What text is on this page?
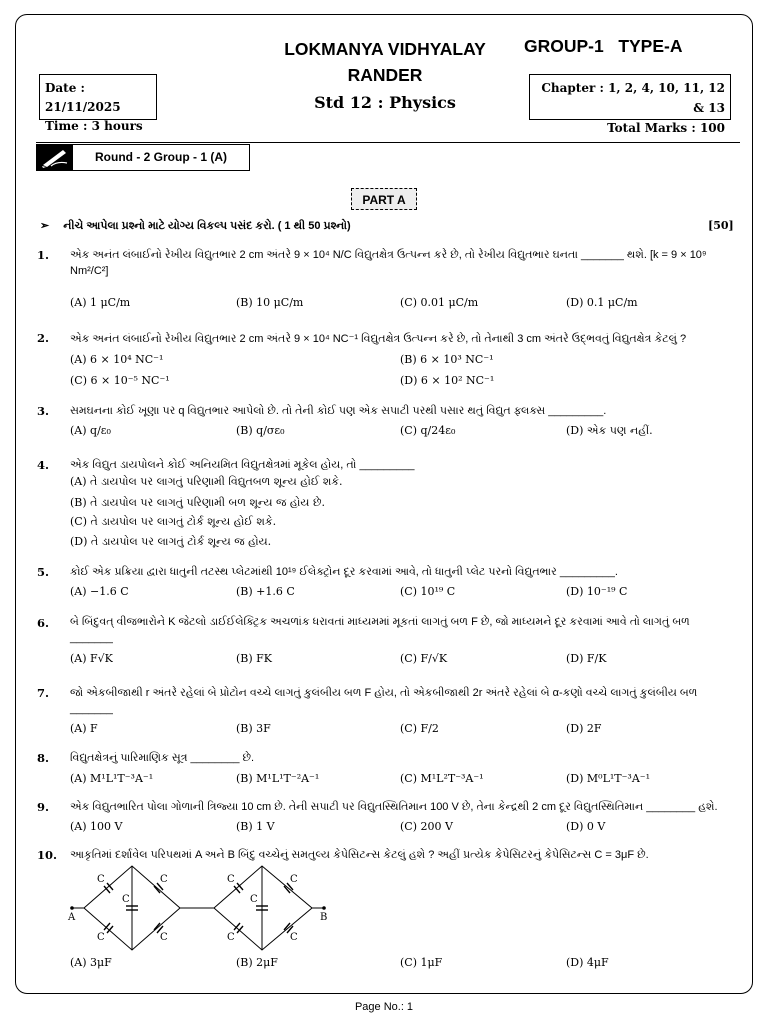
LOKMANYA VIDHYALAY
RANDER
GROUP-1   TYPE-A
Std 12 : Physics
Date : 21/11/2025
Time : 3 hours
Chapter : 1, 2, 4, 10, 11, 12 & 13
Total Marks : 100
Round - 2 Group - 1 (A)
PART A
➢ નીચે આપેલા પ્રશ્નો માટે યોગ્ય વિકલ્પ પસંદ કરો. ( 1 થી 50 પ્રશ્નો)	[50]
1. એક અનંત લંબાઈનો રેખીય વિદ્યુતભાર 2 cm અંતરે 9 × 10⁴ N/C વિદ્યુતક્ષેત્ર ઉત્પન્ન કરે છે, તો રેખીય વિદ્યુતભાર ઘનતા _______ થશે. [k = 9 × 10⁹ Nm²/C²]
(A) 1 μC/m	(B) 10 μC/m	(C) 0.01 μC/m	(D) 0.1 μC/m
2. એક અનંત લંબાઈનો રેખીય વિદ્યુતભાર 2 cm અંતરે 9 × 10⁴ NC⁻¹ વિદ્યુતક્ષેત્ર ઉત્પન્ન કરે છે, તો તેનાથી 3 cm અંતરે ઉદ્ભવતું વિદ્યુતક્ષેત્ર કેટલું ?
(A) 6 × 10⁴ NC⁻¹	(B) 6 × 10³ NC⁻¹
(C) 6 × 10⁻⁵ NC⁻¹	(D) 6 × 10² NC⁻¹
3. સમઘનના કોઈ ખૂણા પર q વિદ્યુતભાર આપેલો છે. તો તેની કોઈ પણ એક સપાટી પરથી પસાર થતું વિદ્યુત ફ્લક્સ _________.
(A) q/ε₀	(B) q/σε₀	(C) q/24ε₀	(D) એક પણ નહીં.
4. એક વિદ્યુત ડાયપોલને કોઈ અનિયમિત વિદ્યુતક્ષેત્રમાં મૂકેલ હોય, તો _________
(A) તે ડાયપોલ પર લાગતું પરિણામી વિદ્યુતબળ શૂન્ય હોઈ શકે.
(B) તે ડાયપોલ પર લાગતું પરિણામી બળ શૂન્ય જ હોય છે.
(C) તે ડાયપોલ પર લાગતું ટોર્ક શૂન્ય હોઈ શકે.
(D) તે ડાયપોલ પર લાગતું ટોર્ક શૂન્ય જ હોય.
5. કોઈ એક પ્રક્રિયા દ્વારા ધાતુની તટસ્થ પ્લેટમાંથી 10¹⁹ ઈલેક્ટ્રોન દૂર કરવામાં આવે, તો ધાતુની પ્લેટ પરનો વિદ્યુતભાર _________.
(A) −1.6 C	(B) +1.6 C	(C) 10¹⁹ C	(D) 10⁻¹⁹ C
6. બે બિંદુવત્ વીજભારોને K જેટલો ડાઈઈલેક્ટ્રિક અચળાંક ધરાવતાં માધ્યમમાં મૂકતાં લાગતું બળ F છે, જો માધ્યમને દૂર કરવામાં આવે તો લાગતું બળ _______
(A) F√K	(B) FK	(C) F/√K	(D) F/K
7. જો એકબીજાથી r અંતરે રહેલાં બે પ્રોટોન વચ્ચે લાગતું કુલંબીય બળ F હોય, તો એકબીજાથી 2r અંતરે રહેલાં બે α-કણો વચ્ચે લાગતું કુલંબીય બળ _______
(A) F	(B) 3F	(C) F/2	(D) 2F
8. વિદ્યુતક્ષેત્રનું પારિમાણિક સૂત્ર ________ છે.
(A) M¹L¹T⁻³A⁻¹	(B) M¹L¹T⁻²A⁻¹	(C) M¹L²T⁻³A⁻¹	(D) M⁰L¹T⁻³A⁻¹
9. એક વિદ્યુતભારિત પોલા ગોળાની ત્રિજ્યા 10 cm છે. તેની સપાટી પર વિદ્યુતસ્થિતિમાન 100 V છે, તેના કેન્દ્રથી 2 cm દૂર વિદ્યુતસ્થિતિમાન ________ હશે.
(A) 100 V	(B) 1 V	(C) 200 V	(D) 0 V
10. આકૃતિમાં દર્શાવેલ પરિપથમાં A અને B બિંદુ વચ્ચેનું સમતુલ્ય કેપેસિટન્સ કેટલું હશે ? અહીં પ્રત્યેક કેપેસિટરનું કેપેસિટન્સ C = 3μF છે.
A	B
C	C
C	C
C
C	C
C	C
C
(A) 3μF	(B) 2μF	(C) 1μF	(D) 4μF
Page No.: 1
